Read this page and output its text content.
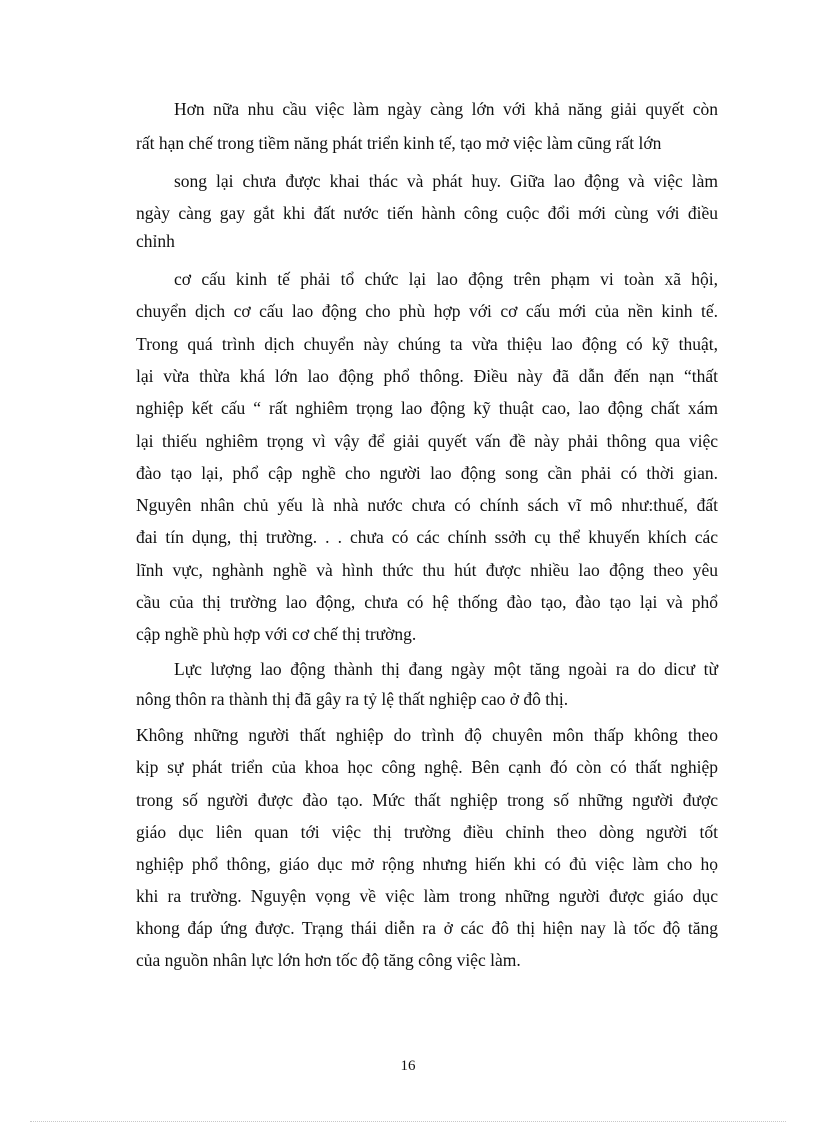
Hơn nữa nhu cầu việc làm ngày càng lớn với khả năng giải quyết còn
rất hạn chế trong tiềm năng phát triển kinh tế, tạo mở việc làm cũng rất lớn
song lại chưa được khai thác và phát huy. Giữa lao động và việc làm
ngày càng gay gắt khi đất nước tiến hành công cuộc đổi mới cùng với điều
chỉnh
cơ cấu kinh tế phải tổ chức lại lao động trên phạm vi toàn xã hội,
chuyển dịch cơ cấu lao động cho phù hợp với cơ cấu mới của nền kinh tế.
Trong quá trình dịch chuyển này chúng ta vừa thiệu lao động có kỹ thuật,
lại vừa thừa khá lớn lao động phổ thông. Điều này đã dẫn đến nạn “thất
nghiệp kết cấu “ rất nghiêm trọng lao động kỹ thuật cao, lao động chất xám
lại thiếu nghiêm trọng vì vậy để giải quyết vấn đề này phải thông qua việc
đào tạo lại, phổ cập nghề cho người lao động song cần phải có thời gian.
Nguyên nhân chủ yếu là nhà nước chưa có chính sách vĩ mô như:thuế, đất
đai tín dụng, thị trường. . . chưa có các chính ssởh cụ thể khuyến khích các
lĩnh vực, nghành nghề và hình thức thu hút được nhiều lao động theo yêu
cầu của thị trường lao động, chưa có hệ thống đào tạo, đào tạo lại và phổ
cập nghề phù hợp với cơ chế thị trường.
Lực lượng lao động thành thị đang ngày một tăng ngoài ra do dicư từ
nông thôn ra thành thị đã gây ra tỷ lệ thất nghiệp cao ở đô thị.
Không những người thất nghiệp do trình độ chuyên môn thấp không theo
kịp sự phát triển của khoa học công nghệ. Bên cạnh đó còn có thất nghiệp
trong số người được đào tạo. Mức thất nghiệp trong số những người được
giáo dục liên quan tới việc thị trường điều chỉnh theo dòng người tốt
nghiệp phổ thông, giáo dục mở rộng nhưng hiến khi có đủ việc làm cho họ
khi ra trường. Nguyện vọng về việc làm trong những người được giáo dục
khong đáp ứng được. Trạng thái diễn ra ở các đô thị hiện nay là tốc độ tăng
của nguồn nhân lực lớn hơn tốc độ tăng công việc làm.
16
